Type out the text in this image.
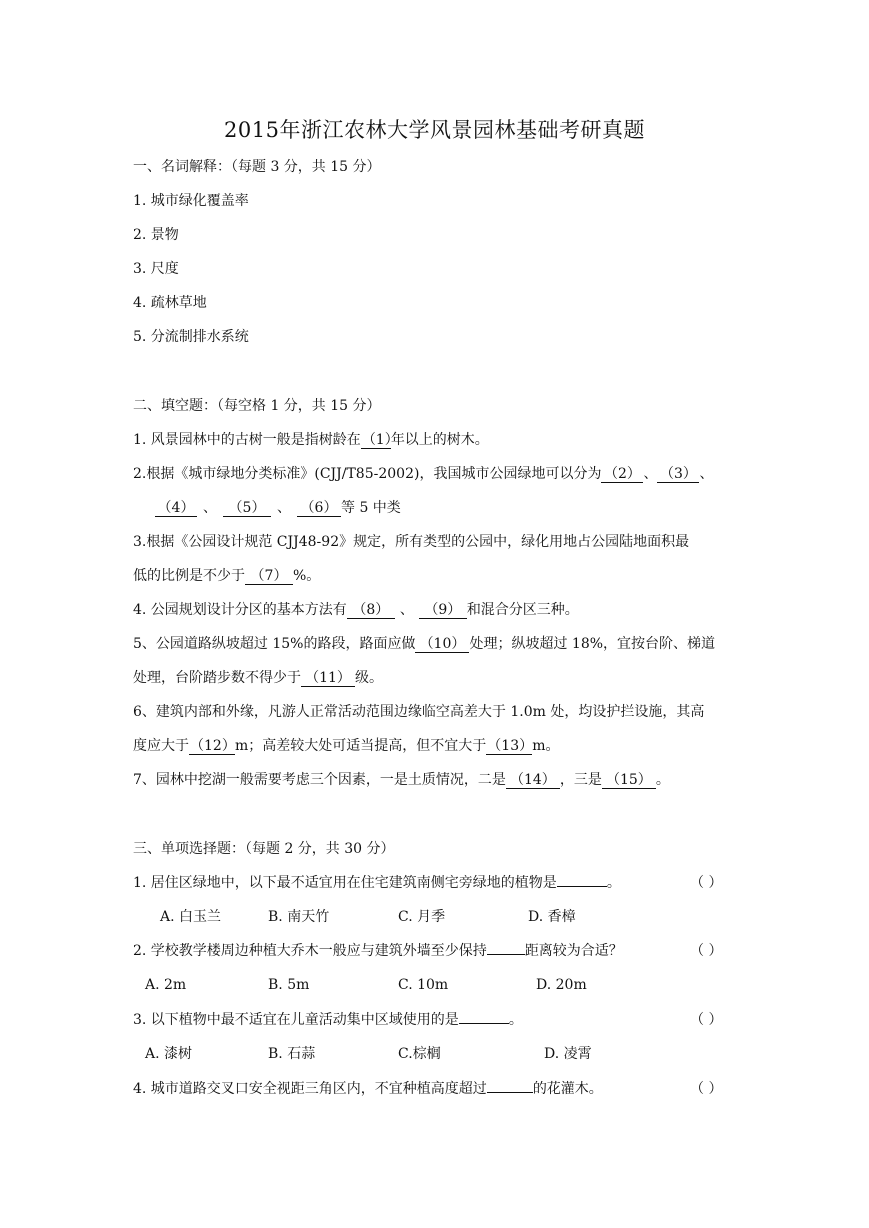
2015年浙江农林大学风景园林基础考研真题
一、名词解释：（每题 3 分，共 15 分）
1. 城市绿化覆盖率
2. 景物
3. 尺度
4. 疏林草地
5. 分流制排水系统
二、填空题：（每空格 1 分，共 15 分）
1. 风景园林中的古树一般是指树龄在（1）年以上的树木。
2.根据《城市绿地分类标准》(CJJ/T85-2002)，我国城市公园绿地可以分为 （2） 、 （3） 、
（4） 、 （5） 、 （6） 等 5 中类
3.根据《公园设计规范 CJJ48-92》规定，所有类型的公园中，绿化用地占公园陆地面积最
低的比例是不少于 （7） %。
4. 公园规划设计分区的基本方法有 （8） 、 （9） 和混合分区三种。
5、公园道路纵坡超过 15%的路段，路面应做 （10） 处理；纵坡超过 18%，宜按台阶、梯道
处理，台阶踏步数不得少于 （11） 级。
6、建筑内部和外缘，凡游人正常活动范围边缘临空高差大于 1.0m 处，均设护拦设施，其高
度应大于（12）m；高差较大处可适当提高，但不宜大于（13）m。
7、园林中挖湖一般需要考虑三个因素，一是土质情况，二是 （14） ，三是 （15） 。
三、单项选择题：（每题 2 分，共 30 分）
1. 居住区绿地中，以下最不适宜用在住宅建筑南侧宅旁绿地的植物是	。	（ ）
A. 白玉兰	B. 南天竹	C. 月季	D. 香樟
2. 学校教学楼周边种植大乔木一般应与建筑外墙至少保持	距离较为合适？	（ ）
A. 2m	B. 5m	C. 10m	D. 20m
3. 以下植物中最不适宜在儿童活动集中区域使用的是	。	（ ）
A. 漆树	B. 石蒜	C.棕榈	D. 凌霄
4. 城市道路交叉口安全视距三角区内，不宜种植高度超过	的花灌木。	（ ）
